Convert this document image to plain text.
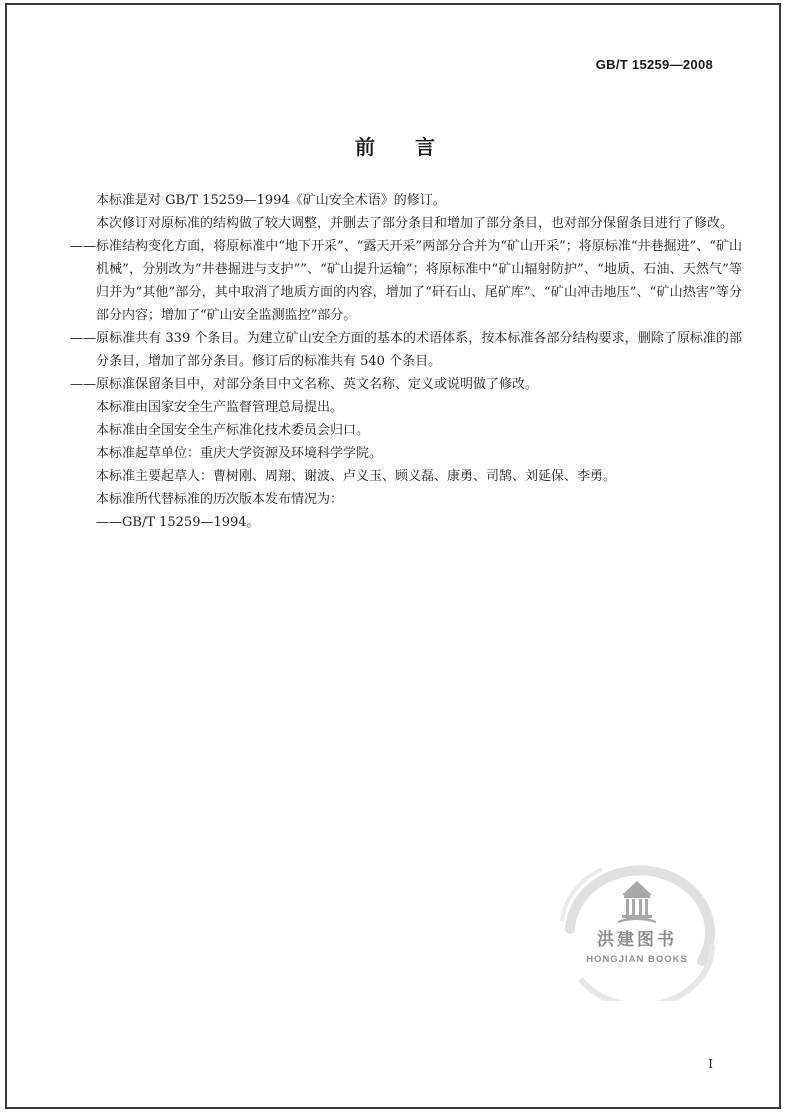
GB/T 15259—2008
前言

本标准是对 GB/T 15259—1994《矿山安全术语》的修订。

本次修订对原标准的结构做了较大调整，并删去了部分条目和增加了部分条目，也对部分保留条目进行了修改。

——标准结构变化方面，将原标准中“地下开采”、“露天开采”两部分合并为“矿山开采”；将原标准“井巷掘进”、“矿山机械”，分别改为“井巷掘进与支护””、“矿山提升运输”；将原标准中“矿山辐射防护”、“地质、石油、天然气”等归并为“其他”部分，其中取消了地质方面的内容，增加了“矸石山、尾矿库”、“矿山冲击地压”、“矿山热害”等分部分内容；增加了“矿山安全监测监控”部分。

——原标准共有 339 个条目。为建立矿山安全方面的基本的术语体系，按本标准各部分结构要求，删除了原标准的部分条目，增加了部分条目。修订后的标准共有 540 个条目。

——原标准保留条目中，对部分条目中文名称、英文名称、定义或说明做了修改。

本标准由国家安全生产监督管理总局提出。

本标准由全国安全生产标准化技术委员会归口。

本标准起草单位：重庆大学资源及环境科学学院。

本标准主要起草人：曹树刚、周翔、谢波、卢义玉、顾义磊、康勇、司鹄、刘延保、李勇。

本标准所代替标准的历次版本发布情况为：

——GB/T 15259—1994。

洪建图书
HONGJIAN BOOKS
I
